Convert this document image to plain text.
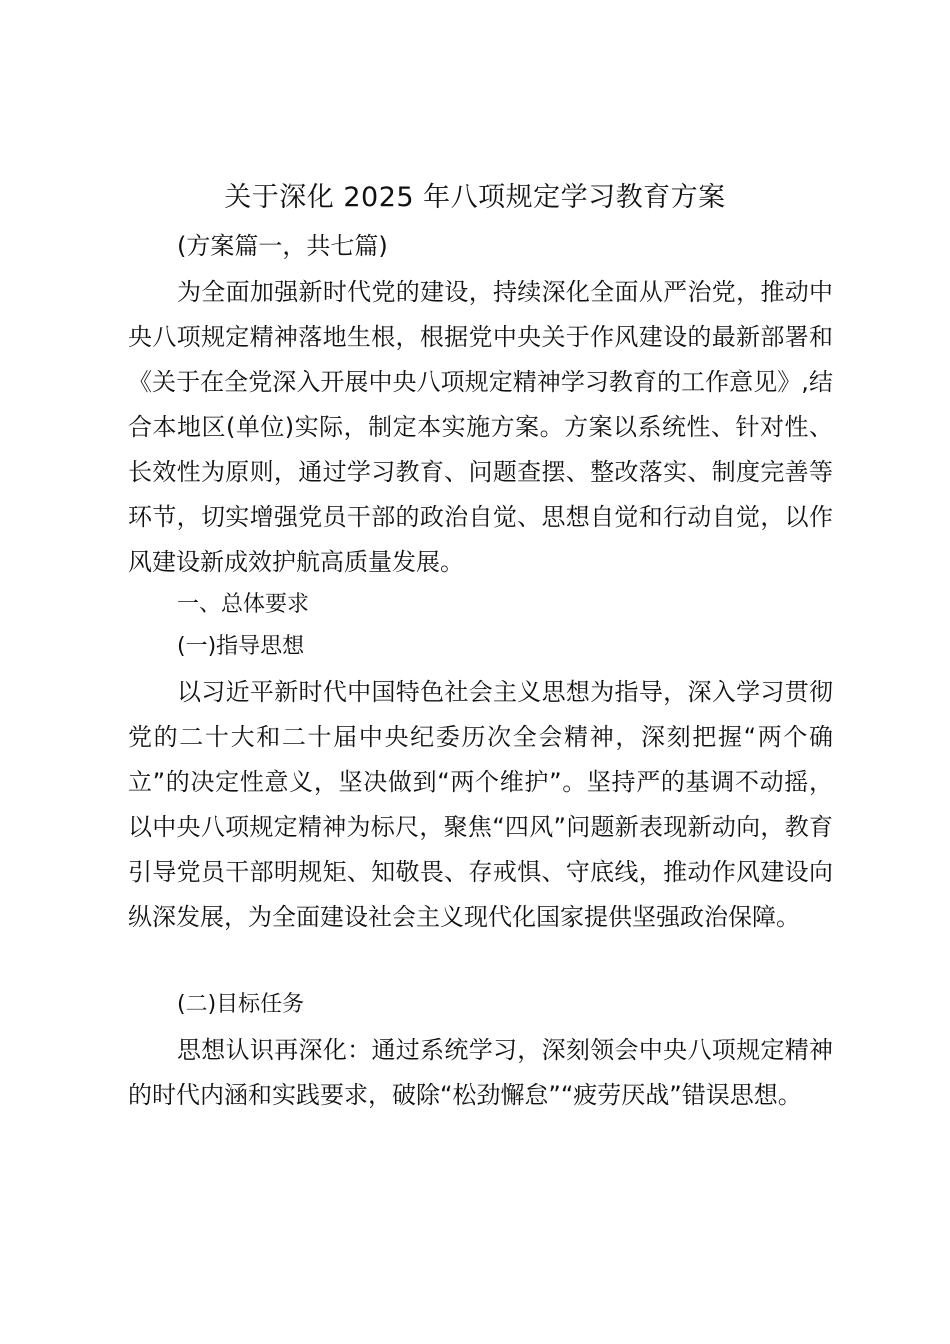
关于深化 2025 年八项规定学习教育方案
(方案篇一，共七篇)

为全面加强新时代党的建设，持续深化全面从严治党，推动中央八项规定精神落地生根，根据党中央关于作风建设的最新部署和《关于在全党深入开展中央八项规定精神学习教育的工作意见》,结合本地区(单位)实际，制定本实施方案。方案以系统性、针对性、长效性为原则，通过学习教育、问题查摆、整改落实、制度完善等环节，切实增强党员干部的政治自觉、思想自觉和行动自觉，以作风建设新成效护航高质量发展。

一、总体要求
(一)指导思想

以习近平新时代中国特色社会主义思想为指导，深入学习贯彻党的二十大和二十届中央纪委历次全会精神，深刻把握“两个确立”的决定性意义，坚决做到“两个维护”。坚持严的基调不动摇，以中央八项规定精神为标尺，聚焦“四风”问题新表现新动向，教育引导党员干部明规矩、知敬畏、存戒惧、守底线，推动作风建设向纵深发展，为全面建设社会主义现代化国家提供坚强政治保障。

(二)目标任务

思想认识再深化：通过系统学习，深刻领会中央八项规定精神的时代内涵和实践要求，破除“松劲懈怠”“疲劳厌战”错误思想。
